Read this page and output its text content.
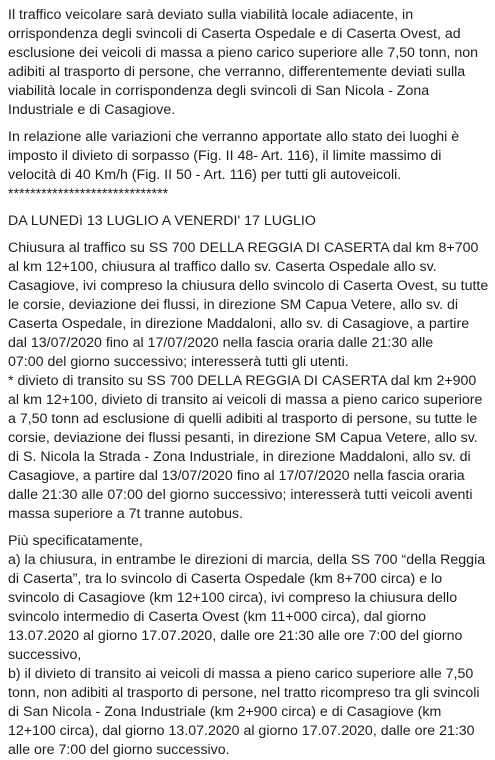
Il traffico veicolare sarà deviato sulla viabilità locale adiacente, in
orrispondenza degli svincoli di Caserta Ospedale e di Caserta Ovest, ad
esclusione dei veicoli di massa a pieno carico superiore alle 7,50 tonn, non
adibiti al trasporto di persone, che verranno, differentemente deviati sulla
viabilità locale in corrispondenza degli svincoli di San Nicola - Zona
Industriale e di Casagiove.
In relazione alle variazioni che verranno apportate allo stato dei luoghi è
imposto il divieto di sorpasso (Fig. II 48- Art. 116), il limite massimo di
velocità di 40 Km/h (Fig. II 50 - Art. 116) per tutti gli autoveicoli.
*****************************
DA LUNEDì 13 LUGLIO A VENERDI' 17 LUGLIO
Chiusura al traffico su SS 700 DELLA REGGIA DI CASERTA dal km 8+700
al km 12+100, chiusura al traffico dallo sv. Caserta Ospedale allo sv.
Casagiove, ivi compreso la chiusura dello svincolo di Caserta Ovest, su tutte
le corsie, deviazione dei flussi, in direzione SM Capua Vetere, allo sv. di
Caserta Ospedale, in direzione Maddaloni, allo sv. di Casagiove, a partire
dal 13/07/2020 fino al 17/07/2020 nella fascia oraria dalle 21:30 alle
07:00 del giorno successivo; interesserà tutti gli utenti.
* divieto di transito su SS 700 DELLA REGGIA DI CASERTA dal km 2+900
al km 12+100, divieto di transito ai veicoli di massa a pieno carico superiore
a 7,50 tonn ad esclusione di quelli adibiti al trasporto di persone, su tutte le
corsie, deviazione dei flussi pesanti, in direzione SM Capua Vetere, allo sv.
di S. Nicola la Strada - Zona Industriale, in direzione Maddaloni, allo sv. di
Casagiove, a partire dal 13/07/2020 fino al 17/07/2020 nella fascia oraria
dalle 21:30 alle 07:00 del giorno successivo; interesserà tutti veicoli aventi
massa superiore a 7t tranne autobus.
Più specificatamente,
a) la chiusura, in entrambe le direzioni di marcia, della SS 700 “della Reggia
di Caserta”, tra lo svincolo di Caserta Ospedale (km 8+700 circa) e lo
svincolo di Casagiove (km 12+100 circa), ivi compreso la chiusura dello
svincolo intermedio di Caserta Ovest (km 11+000 circa), dal giorno
13.07.2020 al giorno 17.07.2020, dalle ore 21:30 alle ore 7:00 del giorno
successivo,
b) il divieto di transito ai veicoli di massa a pieno carico superiore alle 7,50
tonn, non adibiti al trasporto di persone, nel tratto ricompreso tra gli svincoli
di San Nicola - Zona Industriale (km 2+900 circa) e di Casagiove (km
12+100 circa), dal giorno 13.07.2020 al giorno 17.07.2020, dalle ore 21:30
alle ore 7:00 del giorno successivo.
